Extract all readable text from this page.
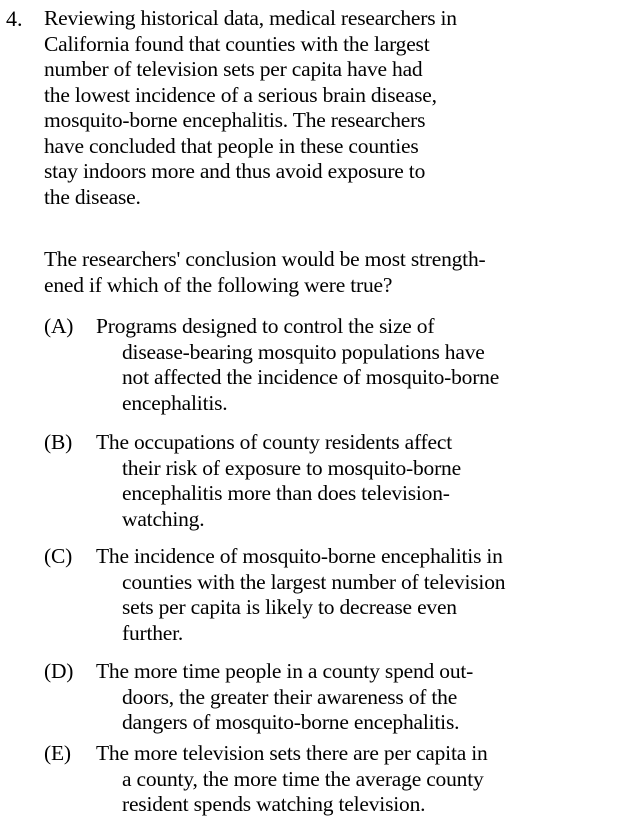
4. Reviewing historical data, medical researchers in
California found that counties with the largest
number of television sets per capita have had
the lowest incidence of a serious brain disease,
mosquito-borne encephalitis. The researchers
have concluded that people in these counties
stay indoors more and thus avoid exposure to
the disease.
The researchers' conclusion would be most strength-
ened if which of the following were true?
(A) Programs designed to control the size of
disease-bearing mosquito populations have
not affected the incidence of mosquito-borne
encephalitis.
(B) The occupations of county residents affect
their risk of exposure to mosquito-borne
encephalitis more than does television-
watching.
(C) The incidence of mosquito-borne encephalitis in
counties with the largest number of television
sets per capita is likely to decrease even
further.
(D) The more time people in a county spend out-
doors, the greater their awareness of the
dangers of mosquito-borne encephalitis.
(E) The more television sets there are per capita in
a county, the more time the average county
resident spends watching television.
